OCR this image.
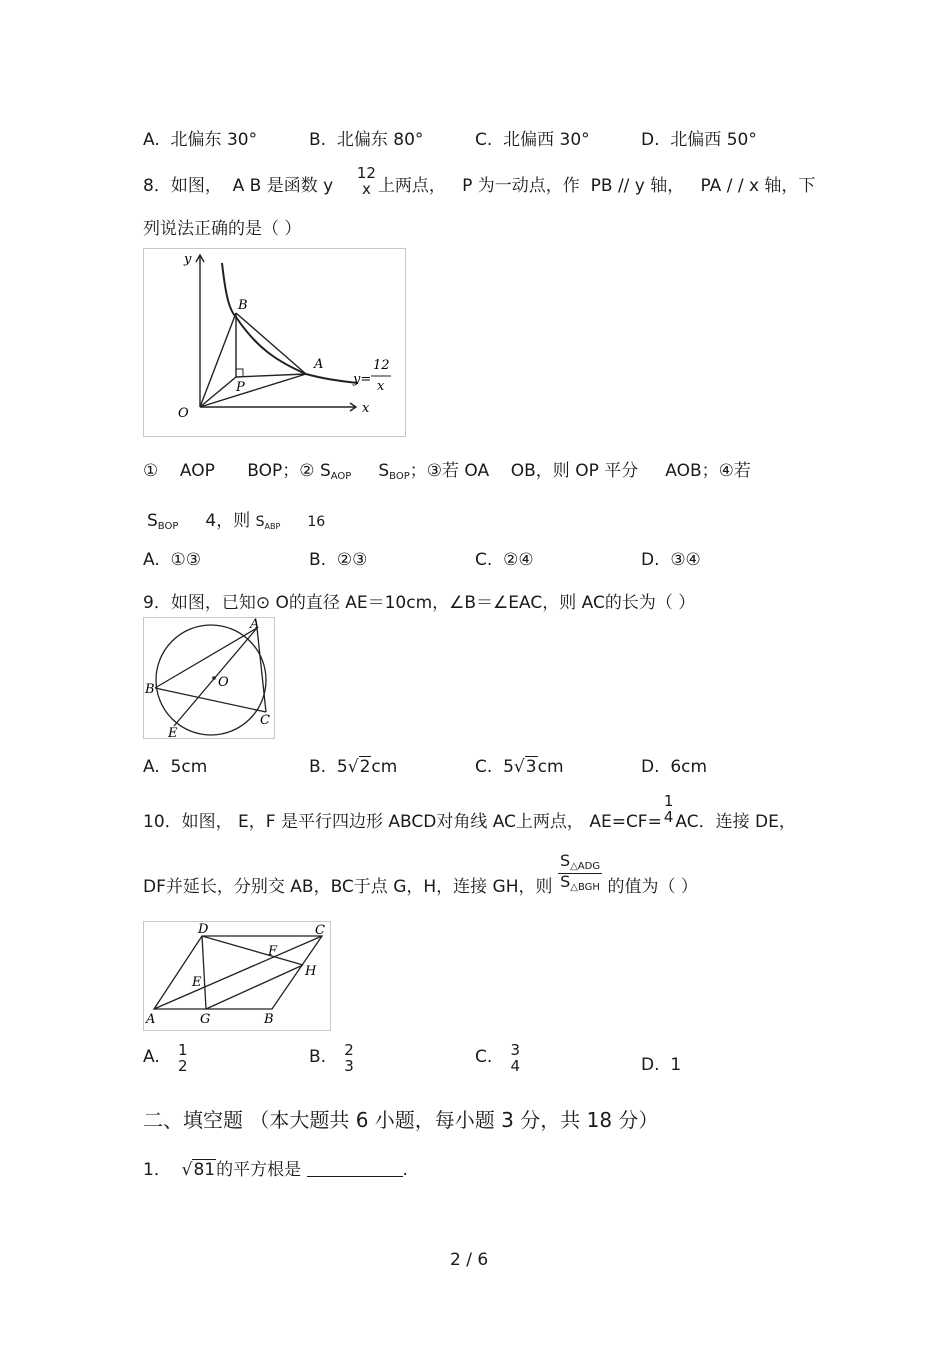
A. 北偏东 30°	B. 北偏东 80°	C. 北偏西 30°	D. 北偏西 50°
8．如图， A B 是函数 y
12
x 上两点， P 为一动点，作 PB // y 轴， PA / / x 轴，下
列说法正确的是（ ）
y
x
O
B
A
P
y=
12
x
① AOP BOP；② $S_{AOP}$ $S_{BOP}$；③若 OA OB，则 OP 平分 AOB；④若
$S_{BOP}$ 4，则 $S_{ABP}$ 16
A. ①③	B. ②③	C. ②④	D. ③④
9．如图，已知⊙ O的直径 AE＝10cm，∠B＝∠EAC，则 AC的长为（ ）
A
B
C
E
O
A. 5cm	B. 5√2cm	C. 5√3cm	D. 6cm
10．如图， E，F 是平行四边形 ABCD对角线 AC上两点， AE=CF=
1
4 AC．连接 DE，
DF并延长，分别交 AB，BC于点 G，H，连接 GH，则 $\frac{S_{\triangle ADG}}{S_{\triangle BGH}}$ 的值为（ ）
A	G	B
D	C
E
F
H
A. 1
2	B. 2
3	C. 3
4	D. 1
二、填空题 （本大题共 6 小题，每小题 3 分，共 18 分）
1．  √81的平方根是	.
2 / 6
